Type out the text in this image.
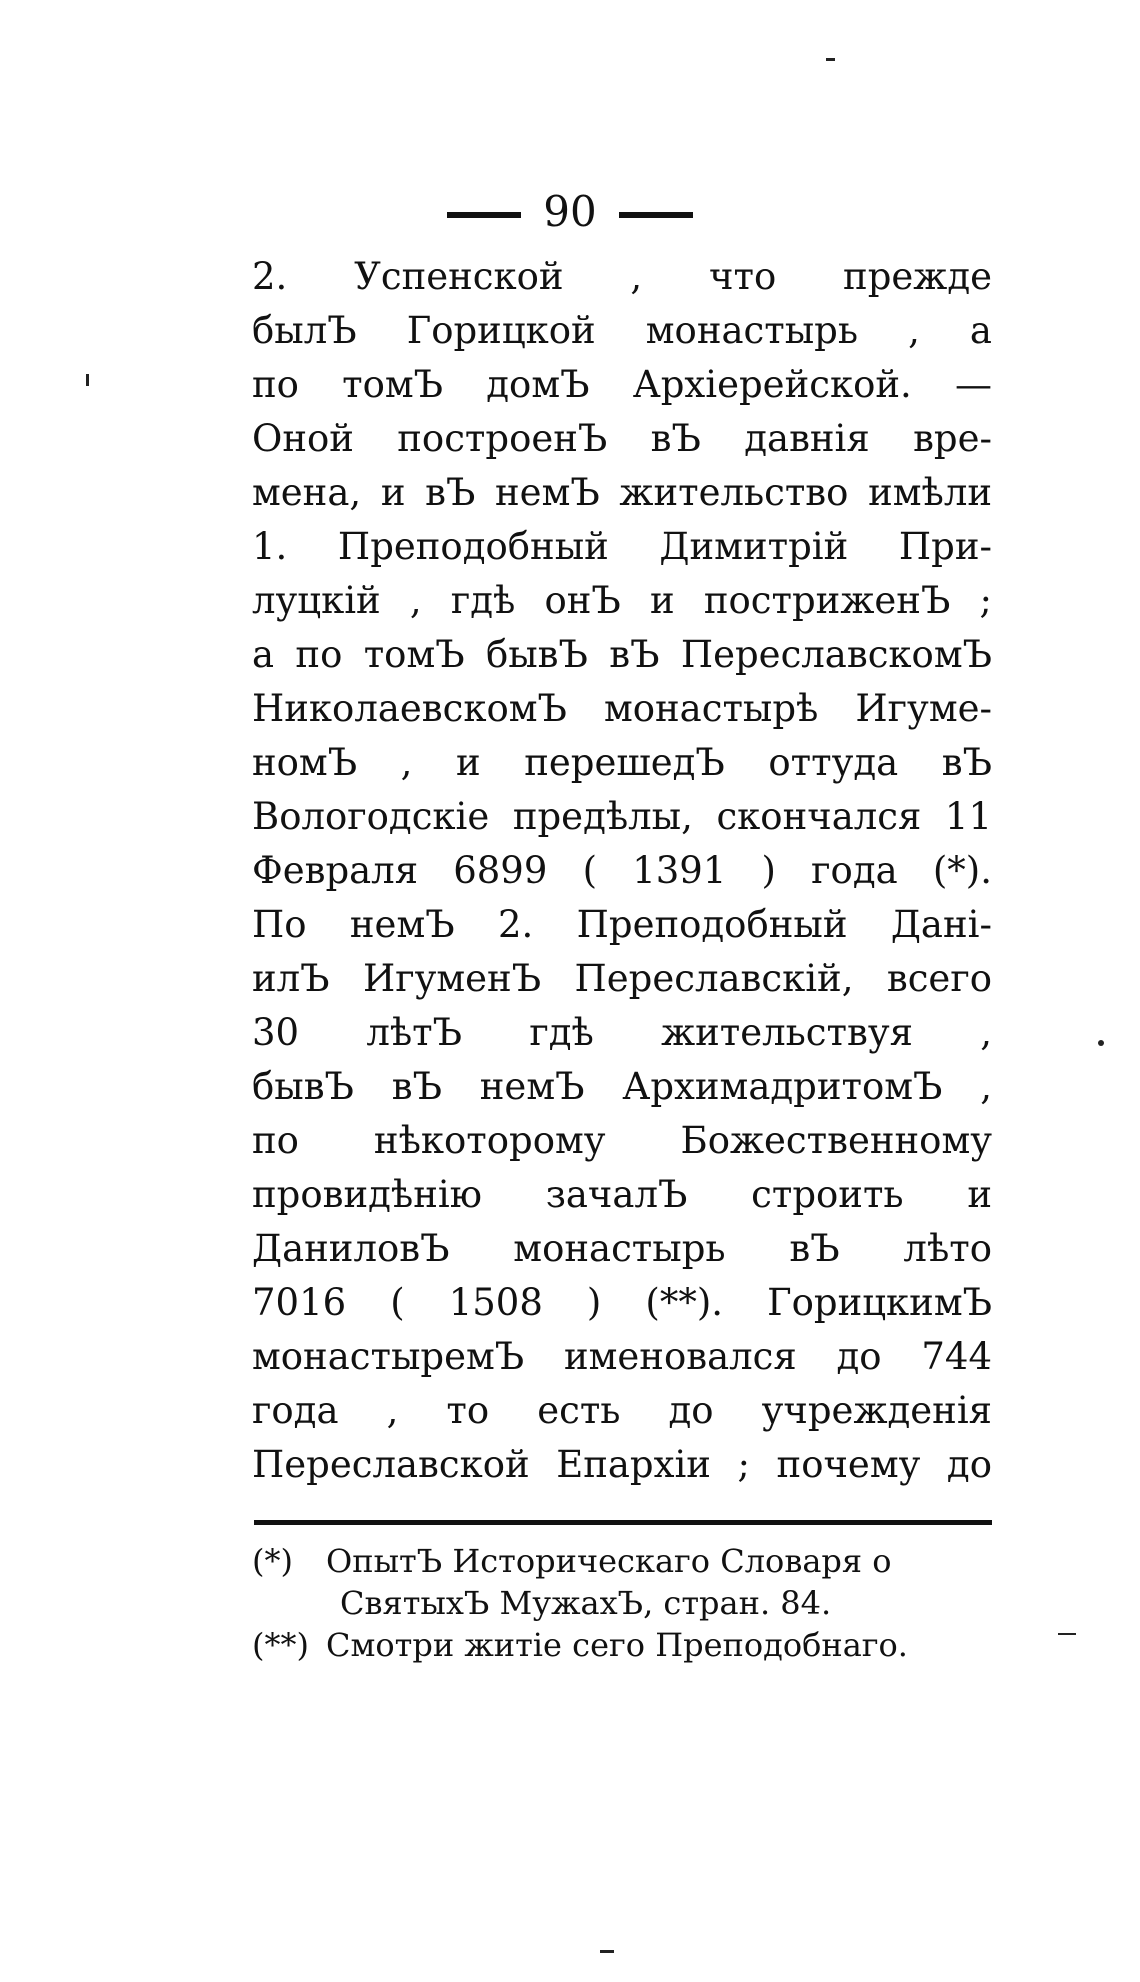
90
2. Успенской , что прежде
былЪ Горицкой монастырь , а
по томЪ домЪ Архіерейской. —
Оной построенЪ вЪ давнія вре-
мена, и вЪ немЪ жительство имѣли
1. Преподобный Димитрій При-
луцкій , гдѣ онЪ и постриженЪ ;
а по томЪ бывЪ вЪ ПереславскомЪ
НиколаевскомЪ монастырѣ Игуме-
номЪ , и перешедЪ оттуда вЪ
Вологодскіе предѣлы, скончался 11
Февраля 6899 ( 1391 ) года (*).
По немЪ 2. Преподобный Дані-
илЪ ИгуменЪ Переславскій, всего
30 лѣтЪ гдѣ жительствуя ,
бывЪ вЪ немЪ АрхимадритомЪ ,
по нѣкоторому Божественному
провидѣнію зачалЪ строить и
ДаниловЪ монастырь вЪ лѣто
7016 ( 1508 ) (**). ГорицкимЪ
монастыремЪ именовался до 744
года , то есть до учрежденія
Переславской Епархіи ; почему до
(*) ОпытЪ Историческаго Словаря о
СвятыхЪ МужахЪ, стран. 84.
(**) Смотри житіе сего Преподобнаго.
